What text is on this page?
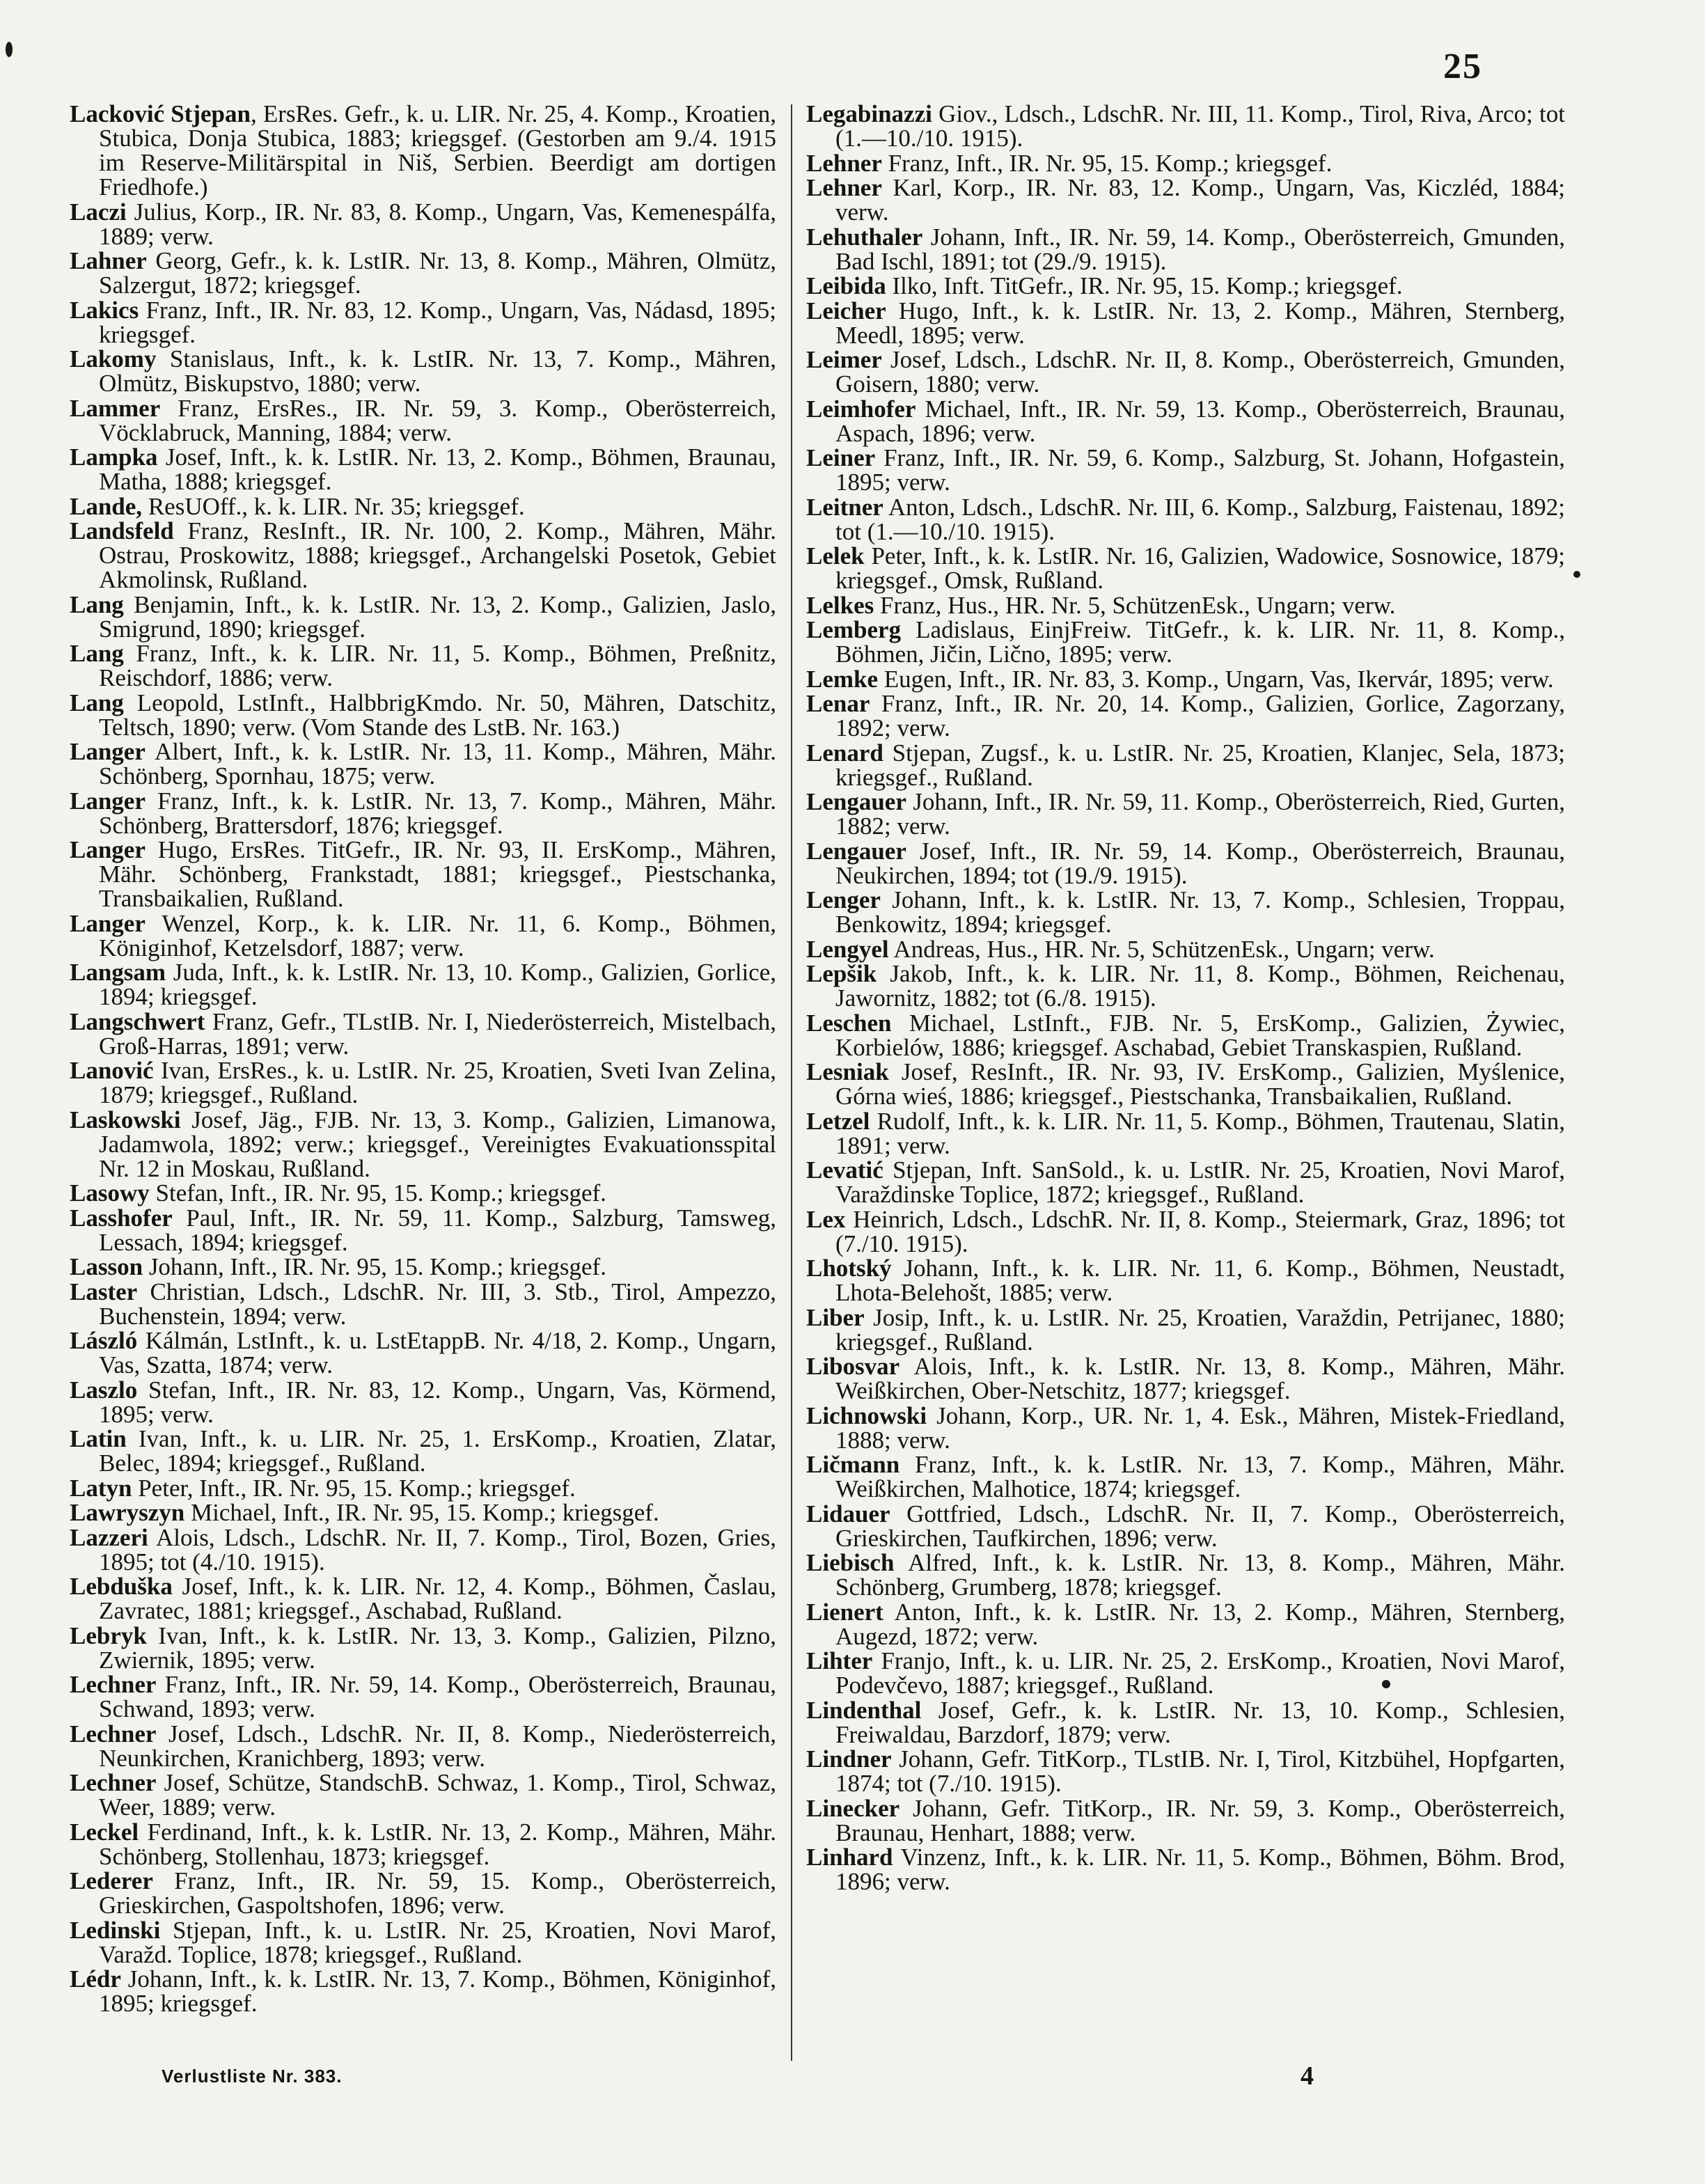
25

Lacković Stjepan, ErsRes. Gefr., k. u. LIR. Nr. 25, 4. Komp., Kroatien, Stubica, Donja Stubica, 1883; kriegsgef. (Gestorben am 9./4. 1915 im Reserve-Militärspital in Niš, Serbien. Beerdigt am dortigen Friedhofe.)

Laczi Julius, Korp., IR. Nr. 83, 8. Komp., Ungarn, Vas, Kemenespálfa, 1889; verw.

Lahner Georg, Gefr., k. k. LstIR. Nr. 13, 8. Komp., Mähren, Olmütz, Salzergut, 1872; kriegsgef.

Lakics Franz, Inft., IR. Nr. 83, 12. Komp., Ungarn, Vas, Nádasd, 1895; kriegsgef.

Lakomy Stanislaus, Inft., k. k. LstIR. Nr. 13, 7. Komp., Mähren, Olmütz, Biskupstvo, 1880; verw.

Lammer Franz, ErsRes., IR. Nr. 59, 3. Komp., Oberösterreich, Vöcklabruck, Manning, 1884; verw.

Lampka Josef, Inft., k. k. LstIR. Nr. 13, 2. Komp., Böhmen, Braunau, Matha, 1888; kriegsgef.

Lande, ResUOff., k. k. LIR. Nr. 35; kriegsgef.

Landsfeld Franz, ResInft., IR. Nr. 100, 2. Komp., Mähren, Mähr. Ostrau, Proskowitz, 1888; kriegsgef., Archangelski Posetok, Gebiet Akmolinsk, Rußland.

Lang Benjamin, Inft., k. k. LstIR. Nr. 13, 2. Komp., Galizien, Jaslo, Smigrund, 1890; kriegsgef.

Lang Franz, Inft., k. k. LIR. Nr. 11, 5. Komp., Böhmen, Preßnitz, Reischdorf, 1886; verw.

Lang Leopold, LstInft., HalbbrigKmdo. Nr. 50, Mähren, Datschitz, Teltsch, 1890; verw. (Vom Stande des LstB. Nr. 163.)

Langer Albert, Inft., k. k. LstIR. Nr. 13, 11. Komp., Mähren, Mähr. Schönberg, Spornhau, 1875; verw.

Langer Franz, Inft., k. k. LstIR. Nr. 13, 7. Komp., Mähren, Mähr. Schönberg, Brattersdorf, 1876; kriegsgef.

Langer Hugo, ErsRes. TitGefr., IR. Nr. 93, II. ErsKomp., Mähren, Mähr. Schönberg, Frankstadt, 1881; kriegsgef., Piestschanka, Transbaikalien, Rußland.

Langer Wenzel, Korp., k. k. LIR. Nr. 11, 6. Komp., Böhmen, Königinhof, Ketzelsdorf, 1887; verw.

Langsam Juda, Inft., k. k. LstIR. Nr. 13, 10. Komp., Galizien, Gorlice, 1894; kriegsgef.

Langschwert Franz, Gefr., TLstIB. Nr. I, Niederösterreich, Mistelbach, Groß-Harras, 1891; verw.

Lanović Ivan, ErsRes., k. u. LstIR. Nr. 25, Kroatien, Sveti Ivan Zelina, 1879; kriegsgef., Rußland.

Laskowski Josef, Jäg., FJB. Nr. 13, 3. Komp., Galizien, Limanowa, Jadamwola, 1892; verw.; kriegsgef., Vereinigtes Evakuationsspital Nr. 12 in Moskau, Rußland.

Lasowy Stefan, Inft., IR. Nr. 95, 15. Komp.; kriegsgef.

Lasshofer Paul, Inft., IR. Nr. 59, 11. Komp., Salzburg, Tamsweg, Lessach, 1894; kriegsgef.

Lasson Johann, Inft., IR. Nr. 95, 15. Komp.; kriegsgef.

Laster Christian, Ldsch., LdschR. Nr. III, 3. Stb., Tirol, Ampezzo, Buchenstein, 1894; verw.

László Kálmán, LstInft., k. u. LstEtappB. Nr. 4/18, 2. Komp., Ungarn, Vas, Szatta, 1874; verw.

Laszlo Stefan, Inft., IR. Nr. 83, 12. Komp., Ungarn, Vas, Körmend, 1895; verw.

Latin Ivan, Inft., k. u. LIR. Nr. 25, 1. ErsKomp., Kroatien, Zlatar, Belec, 1894; kriegsgef., Rußland.

Latyn Peter, Inft., IR. Nr. 95, 15. Komp.; kriegsgef.

Lawryszyn Michael, Inft., IR. Nr. 95, 15. Komp.; kriegsgef.

Lazzeri Alois, Ldsch., LdschR. Nr. II, 7. Komp., Tirol, Bozen, Gries, 1895; tot (4./10. 1915).

Lebduška Josef, Inft., k. k. LIR. Nr. 12, 4. Komp., Böhmen, Časlau, Zavratec, 1881; kriegsgef., Aschabad, Rußland.

Lebryk Ivan, Inft., k. k. LstIR. Nr. 13, 3. Komp., Galizien, Pilzno, Zwiernik, 1895; verw.

Lechner Franz, Inft., IR. Nr. 59, 14. Komp., Oberösterreich, Braunau, Schwand, 1893; verw.

Lechner Josef, Ldsch., LdschR. Nr. II, 8. Komp., Niederösterreich, Neunkirchen, Kranichberg, 1893; verw.

Lechner Josef, Schütze, StandschB. Schwaz, 1. Komp., Tirol, Schwaz, Weer, 1889; verw.

Leckel Ferdinand, Inft., k. k. LstIR. Nr. 13, 2. Komp., Mähren, Mähr. Schönberg, Stollenhau, 1873; kriegsgef.

Lederer Franz, Inft., IR. Nr. 59, 15. Komp., Oberösterreich, Grieskirchen, Gaspoltshofen, 1896; verw.

Ledinski Stjepan, Inft., k. u. LstIR. Nr. 25, Kroatien, Novi Marof, Varažd. Toplice, 1878; kriegsgef., Rußland.

Lédr Johann, Inft., k. k. LstIR. Nr. 13, 7. Komp., Böhmen, Königinhof, 1895; kriegsgef.

Legabinazzi Giov., Ldsch., LdschR. Nr. III, 11. Komp., Tirol, Riva, Arco; tot (1.—10./10. 1915).

Lehner Franz, Inft., IR. Nr. 95, 15. Komp.; kriegsgef.

Lehner Karl, Korp., IR. Nr. 83, 12. Komp., Ungarn, Vas, Kiczléd, 1884; verw.

Lehuthaler Johann, Inft., IR. Nr. 59, 14. Komp., Oberösterreich, Gmunden, Bad Ischl, 1891; tot (29./9. 1915).

Leibida Ilko, Inft. TitGefr., IR. Nr. 95, 15. Komp.; kriegsgef.

Leicher Hugo, Inft., k. k. LstIR. Nr. 13, 2. Komp., Mähren, Sternberg, Meedl, 1895; verw.

Leimer Josef, Ldsch., LdschR. Nr. II, 8. Komp., Oberösterreich, Gmunden, Goisern, 1880; verw.

Leimhofer Michael, Inft., IR. Nr. 59, 13. Komp., Oberösterreich, Braunau, Aspach, 1896; verw.

Leiner Franz, Inft., IR. Nr. 59, 6. Komp., Salzburg, St. Johann, Hofgastein, 1895; verw.

Leitner Anton, Ldsch., LdschR. Nr. III, 6. Komp., Salzburg, Faistenau, 1892; tot (1.—10./10. 1915).

Lelek Peter, Inft., k. k. LstIR. Nr. 16, Galizien, Wadowice, Sosnowice, 1879; kriegsgef., Omsk, Rußland.

Lelkes Franz, Hus., HR. Nr. 5, SchützenEsk., Ungarn; verw.

Lemberg Ladislaus, EinjFreiw. TitGefr., k. k. LIR. Nr. 11, 8. Komp., Böhmen, Jičin, Lično, 1895; verw.

Lemke Eugen, Inft., IR. Nr. 83, 3. Komp., Ungarn, Vas, Ikervár, 1895; verw.

Lenar Franz, Inft., IR. Nr. 20, 14. Komp., Galizien, Gorlice, Zagorzany, 1892; verw.

Lenard Stjepan, Zugsf., k. u. LstIR. Nr. 25, Kroatien, Klanjec, Sela, 1873; kriegsgef., Rußland.

Lengauer Johann, Inft., IR. Nr. 59, 11. Komp., Oberösterreich, Ried, Gurten, 1882; verw.

Lengauer Josef, Inft., IR. Nr. 59, 14. Komp., Oberösterreich, Braunau, Neukirchen, 1894; tot (19./9. 1915).

Lenger Johann, Inft., k. k. LstIR. Nr. 13, 7. Komp., Schlesien, Troppau, Benkowitz, 1894; kriegsgef.

Lengyel Andreas, Hus., HR. Nr. 5, SchützenEsk., Ungarn; verw.

Lepšik Jakob, Inft., k. k. LIR. Nr. 11, 8. Komp., Böhmen, Reichenau, Jawornitz, 1882; tot (6./8. 1915).

Leschen Michael, LstInft., FJB. Nr. 5, ErsKomp., Galizien, Żywiec, Korbielów, 1886; kriegsgef. Aschabad, Gebiet Transkaspien, Rußland.

Lesniak Josef, ResInft., IR. Nr. 93, IV. ErsKomp., Galizien, Myślenice, Górna wieś, 1886; kriegsgef., Piestschanka, Transbaikalien, Rußland.

Letzel Rudolf, Inft., k. k. LIR. Nr. 11, 5. Komp., Böhmen, Trautenau, Slatin, 1891; verw.

Levatić Stjepan, Inft. SanSold., k. u. LstIR. Nr. 25, Kroatien, Novi Marof, Varaždinske Toplice, 1872; kriegsgef., Rußland.

Lex Heinrich, Ldsch., LdschR. Nr. II, 8. Komp., Steiermark, Graz, 1896; tot (7./10. 1915).

Lhotský Johann, Inft., k. k. LIR. Nr. 11, 6. Komp., Böhmen, Neustadt, Lhota-Belehošt, 1885; verw.

Liber Josip, Inft., k. u. LstIR. Nr. 25, Kroatien, Varaždin, Petrijanec, 1880; kriegsgef., Rußland.

Libosvar Alois, Inft., k. k. LstIR. Nr. 13, 8. Komp., Mähren, Mähr. Weißkirchen, Ober-Netschitz, 1877; kriegsgef.

Lichnowski Johann, Korp., UR. Nr. 1, 4. Esk., Mähren, Mistek-Friedland, 1888; verw.

Ličmann Franz, Inft., k. k. LstIR. Nr. 13, 7. Komp., Mähren, Mähr. Weißkirchen, Malhotice, 1874; kriegsgef.

Lidauer Gottfried, Ldsch., LdschR. Nr. II, 7. Komp., Oberösterreich, Grieskirchen, Taufkirchen, 1896; verw.

Liebisch Alfred, Inft., k. k. LstIR. Nr. 13, 8. Komp., Mähren, Mähr. Schönberg, Grumberg, 1878; kriegsgef.

Lienert Anton, Inft., k. k. LstIR. Nr. 13, 2. Komp., Mähren, Sternberg, Augezd, 1872; verw.

Lihter Franjo, Inft., k. u. LIR. Nr. 25, 2. ErsKomp., Kroatien, Novi Marof, Podevčevo, 1887; kriegsgef., Rußland.

Lindenthal Josef, Gefr., k. k. LstIR. Nr. 13, 10. Komp., Schlesien, Freiwaldau, Barzdorf, 1879; verw.

Lindner Johann, Gefr. TitKorp., TLstIB. Nr. I, Tirol, Kitzbühel, Hopfgarten, 1874; tot (7./10. 1915).

Linecker Johann, Gefr. TitKorp., IR. Nr. 59, 3. Komp., Oberösterreich, Braunau, Henhart, 1888; verw.

Linhard Vinzenz, Inft., k. k. LIR. Nr. 11, 5. Komp., Böhmen, Böhm. Brod, 1896; verw.

Verlustliste Nr. 383.	4
